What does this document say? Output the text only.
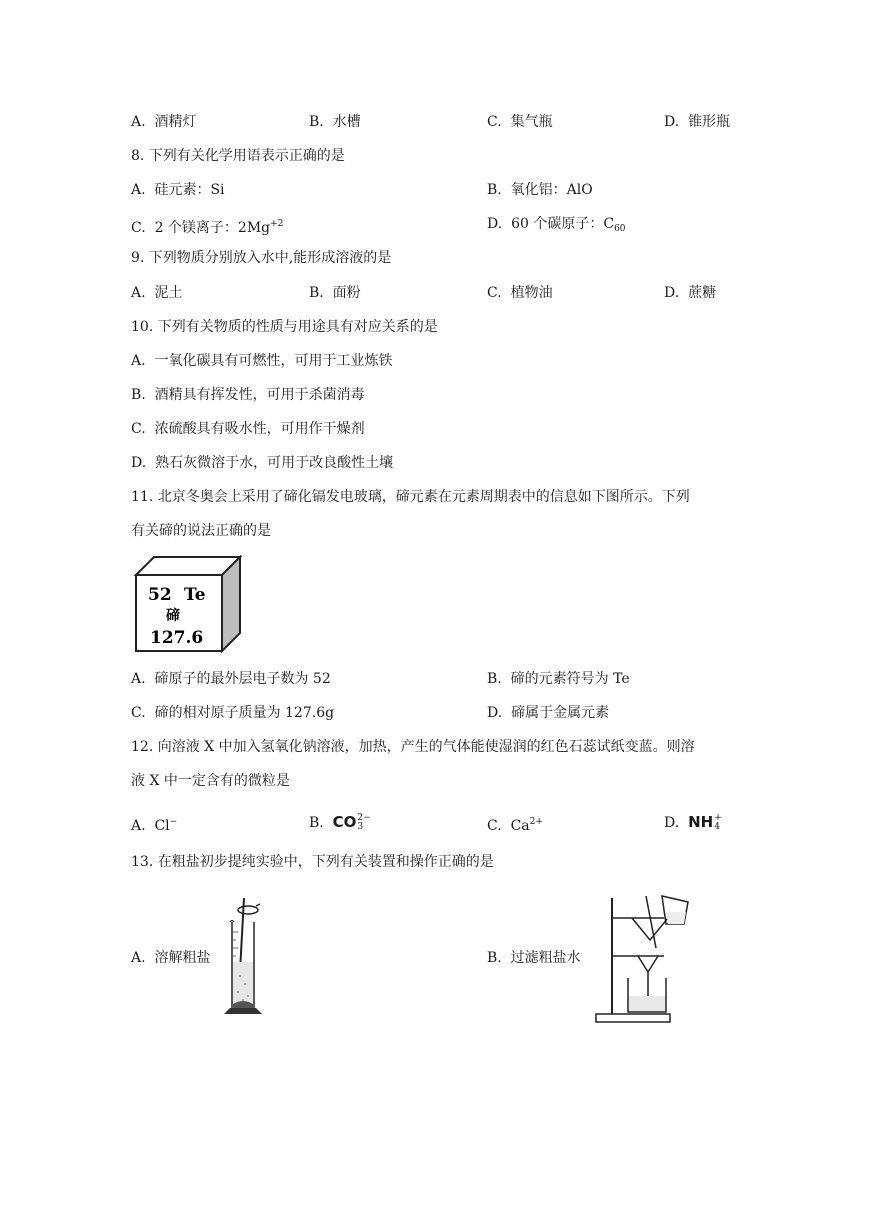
A. 酒精灯	B. 水槽	C. 集气瓶	D. 锥形瓶
8. 下列有关化学用语表示正确的是
A. 硅元素：Si	B. 氧化铝：AlO
C. 2 个镁离子：$2Mg^{+2}$	D. 60 个碳原子：$C_{60}$
9. 下列物质分别放入水中,能形成溶液的是
A. 泥土	B. 面粉	C. 植物油	D. 蔗糖
10. 下列有关物质的性质与用途具有对应关系的是
A. 一氧化碳具有可燃性，可用于工业炼铁
B. 酒精具有挥发性，可用于杀菌消毒
C. 浓硫酸具有吸水性，可用作干燥剂
D. 熟石灰微溶于水，可用于改良酸性土壤
11. 北京冬奥会上采用了碲化镉发电玻璃，碲元素在元素周期表中的信息如下图所示。下列
有关碲的说法正确的是
52 Te
碲
127.6
A. 碲原子的最外层电子数为 52	B. 碲的元素符号为 Te
C. 碲的相对原子质量为 127.6g	D. 碲属于金属元素
12. 向溶液 X 中加入氢氧化钠溶液，加热，产生的气体能使湿润的红色石蕊试纸变蓝。则溶
液 X 中一定含有的微粒是
A. Cl−	B. CO 2−
3	C. $Ca^{2+}$	D. NH +
4
13. 在粗盐初步提纯实验中，下列有关装置和操作正确的是
A. 溶解粗盐	B. 过滤粗盐水
